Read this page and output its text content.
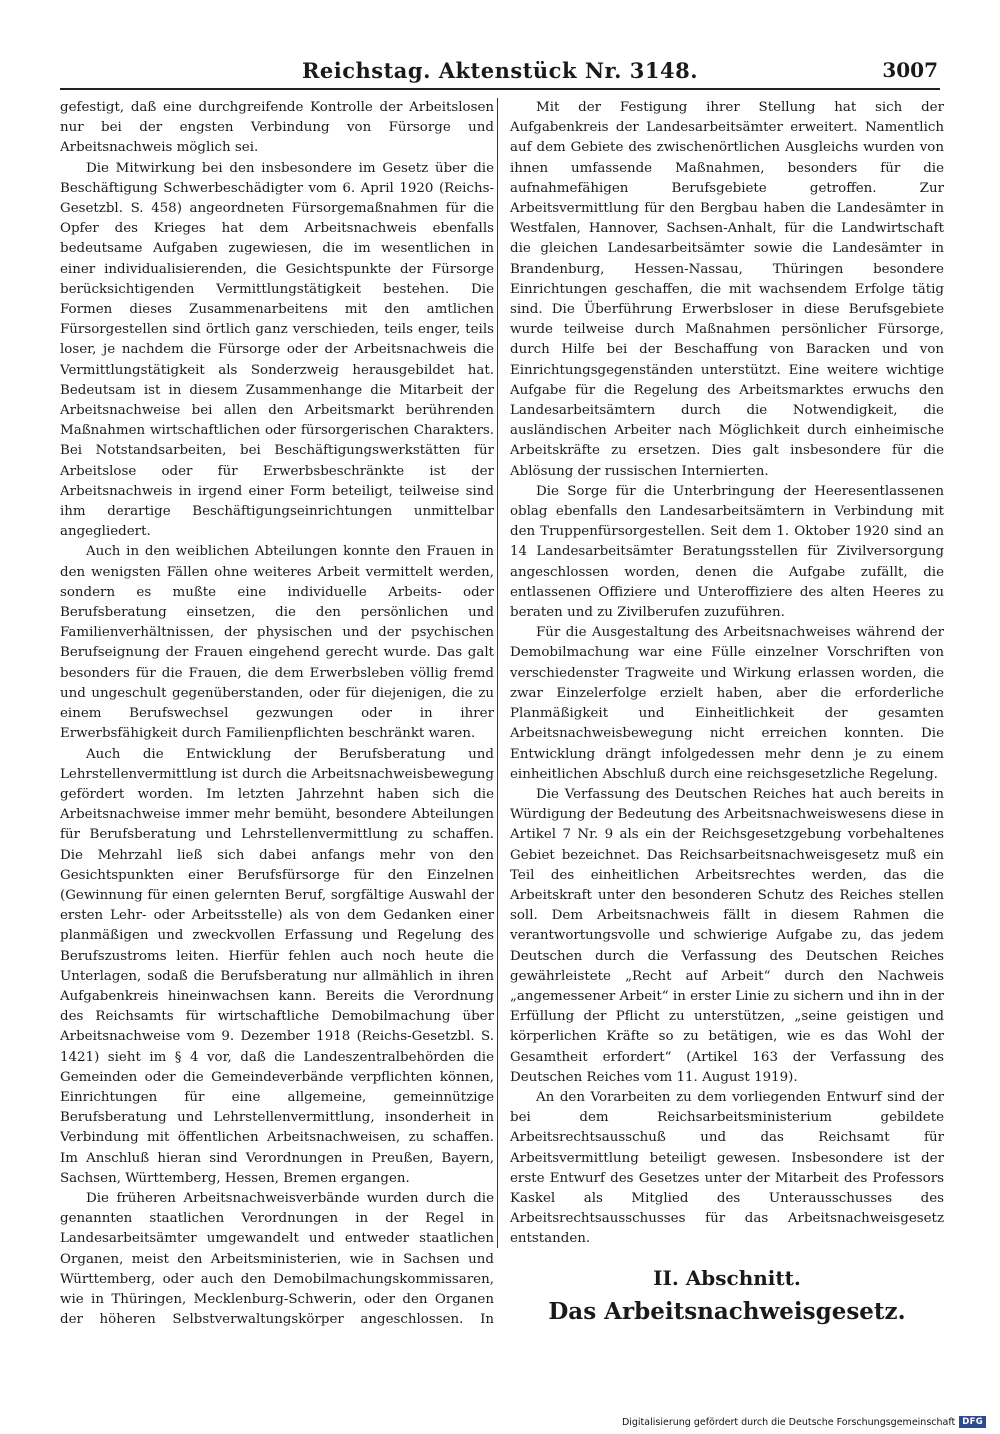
Reichstag. Aktenstück Nr. 3148.	3007

gefestigt, daß eine durchgreifende Kontrolle der Arbeitslosen nur bei der engsten Verbindung von Fürsorge und Arbeitsnachweis möglich sei.

Die Mitwirkung bei den insbesondere im Gesetz über die Beschäftigung Schwerbeschädigter vom 6. April 1920 (Reichs-Gesetzbl. S. 458) angeordneten Fürsorgemaßnahmen für die Opfer des Krieges hat dem Arbeitsnachweis ebenfalls bedeutsame Aufgaben zugewiesen, die im wesentlichen in einer individualisierenden, die Gesichtspunkte der Fürsorge berücksichtigenden Vermittlungstätigkeit bestehen. Die Formen dieses Zusammenarbeitens mit den amtlichen Fürsorgestellen sind örtlich ganz verschieden, teils enger, teils loser, je nachdem die Fürsorge oder der Arbeitsnachweis die Vermittlungstätigkeit als Sonderzweig herausgebildet hat. Bedeutsam ist in diesem Zusammenhange die Mitarbeit der Arbeitsnachweise bei allen den Arbeitsmarkt berührenden Maßnahmen wirtschaftlichen oder fürsorgerischen Charakters. Bei Notstandsarbeiten, bei Beschäftigungswerkstätten für Arbeitslose oder für Erwerbsbeschränkte ist der Arbeitsnachweis in irgend einer Form beteiligt, teilweise sind ihm derartige Beschäftigungseinrichtungen unmittelbar angegliedert.

Auch in den weiblichen Abteilungen konnte den Frauen in den wenigsten Fällen ohne weiteres Arbeit vermittelt werden, sondern es mußte eine individuelle Arbeits- oder Berufsberatung einsetzen, die den persönlichen und Familienverhältnissen, der physischen und der psychischen Berufseignung der Frauen eingehend gerecht wurde. Das galt besonders für die Frauen, die dem Erwerbsleben völlig fremd und ungeschult gegenüberstanden, oder für diejenigen, die zu einem Berufswechsel gezwungen oder in ihrer Erwerbsfähigkeit durch Familienpflichten beschränkt waren.

Auch die Entwicklung der Berufsberatung und Lehrstellenvermittlung ist durch die Arbeitsnachweisbewegung gefördert worden. Im letzten Jahrzehnt haben sich die Arbeitsnachweise immer mehr bemüht, besondere Abteilungen für Berufsberatung und Lehrstellenvermittlung zu schaffen. Die Mehrzahl ließ sich dabei anfangs mehr von den Gesichtspunkten einer Berufsfürsorge für den Einzelnen (Gewinnung für einen gelernten Beruf, sorgfältige Auswahl der ersten Lehr- oder Arbeitsstelle) als von dem Gedanken einer planmäßigen und zweckvollen Erfassung und Regelung des Berufszustroms leiten. Hierfür fehlen auch noch heute die Unterlagen, sodaß die Berufsberatung nur allmählich in ihren Aufgabenkreis hineinwachsen kann. Bereits die Verordnung des Reichsamts für wirtschaftliche Demobilmachung über Arbeitsnachweise vom 9. Dezember 1918 (Reichs-Gesetzbl. S. 1421) sieht im § 4 vor, daß die Landeszentralbehörden die Gemeinden oder die Gemeindeverbände verpflichten können, Einrichtungen für eine allgemeine, gemeinnützige Berufsberatung und Lehrstellenvermittlung, insonderheit in Verbindung mit öffentlichen Arbeitsnachweisen, zu schaffen. Im Anschluß hieran sind Verordnungen in Preußen, Bayern, Sachsen, Württemberg, Hessen, Bremen ergangen.

Die früheren Arbeitsnachweisverbände wurden durch die genannten staatlichen Verordnungen in der Regel in Landesarbeitsämter umgewandelt und entweder staatlichen Organen, meist den Arbeitsministerien, wie in Sachsen und Württemberg, oder auch den Demobilmachungskommissaren, wie in Thüringen, Mecklenburg-Schwerin, oder den Organen der höheren Selbstverwaltungskörper angeschlossen. In

Mit der Festigung ihrer Stellung hat sich der Aufgabenkreis der Landesarbeitsämter erweitert. Namentlich auf dem Gebiete des zwischenörtlichen Ausgleichs wurden von ihnen umfassende Maßnahmen, besonders für die aufnahmefähigen Berufsgebiete getroffen. Zur Arbeitsvermittlung für den Bergbau haben die Landesämter in Westfalen, Hannover, Sachsen-Anhalt, für die Landwirtschaft die gleichen Landesarbeitsämter sowie die Landesämter in Brandenburg, Hessen-Nassau, Thüringen besondere Einrichtungen geschaffen, die mit wachsendem Erfolge tätig sind. Die Überführung Erwerbsloser in diese Berufsgebiete wurde teilweise durch Maßnahmen persönlicher Fürsorge, durch Hilfe bei der Beschaffung von Baracken und von Einrichtungsgegenständen unterstützt. Eine weitere wichtige Aufgabe für die Regelung des Arbeitsmarktes erwuchs den Landesarbeitsämtern durch die Notwendigkeit, die ausländischen Arbeiter nach Möglichkeit durch einheimische Arbeitskräfte zu ersetzen. Dies galt insbesondere für die Ablösung der russischen Internierten.

Die Sorge für die Unterbringung der Heeresentlassenen oblag ebenfalls den Landesarbeitsämtern in Verbindung mit den Truppenfürsorgestellen. Seit dem 1. Oktober 1920 sind an 14 Landesarbeitsämter Beratungsstellen für Zivilversorgung angeschlossen worden, denen die Aufgabe zufällt, die entlassenen Offiziere und Unteroffiziere des alten Heeres zu beraten und zu Zivilberufen zuzuführen.

Für die Ausgestaltung des Arbeitsnachweises während der Demobilmachung war eine Fülle einzelner Vorschriften von verschiedenster Tragweite und Wirkung erlassen worden, die zwar Einzelerfolge erzielt haben, aber die erforderliche Planmäßigkeit und Einheitlichkeit der gesamten Arbeitsnachweisbewegung nicht erreichen konnten. Die Entwicklung drängt infolgedessen mehr denn je zu einem einheitlichen Abschluß durch eine reichsgesetzliche Regelung.

Die Verfassung des Deutschen Reiches hat auch bereits in Würdigung der Bedeutung des Arbeitsnachweiswesens diese in Artikel 7 Nr. 9 als ein der Reichsgesetzgebung vorbehaltenes Gebiet bezeichnet. Das Reichsarbeitsnachweisgesetz muß ein Teil des einheitlichen Arbeitsrechtes werden, das die Arbeitskraft unter den besonderen Schutz des Reiches stellen soll. Dem Arbeitsnachweis fällt in diesem Rahmen die verantwortungsvolle und schwierige Aufgabe zu, das jedem Deutschen durch die Verfassung des Deutschen Reiches gewährleistete „Recht auf Arbeit“ durch den Nachweis „angemessener Arbeit“ in erster Linie zu sichern und ihn in der Erfüllung der Pflicht zu unterstützen, „seine geistigen und körperlichen Kräfte so zu betätigen, wie es das Wohl der Gesamtheit erfordert“ (Artikel 163 der Verfassung des Deutschen Reiches vom 11. August 1919).

An den Vorarbeiten zu dem vorliegenden Entwurf sind der bei dem Reichsarbeitsministerium gebildete Arbeitsrechtsausschuß und das Reichsamt für Arbeitsvermittlung beteiligt gewesen. Insbesondere ist der erste Entwurf des Gesetzes unter der Mitarbeit des Professors Kaskel als Mitglied des Unterausschusses des Arbeitsrechtsausschusses für das Arbeitsnachweisgesetz entstanden.

II. Abschnitt.
Das Arbeitsnachweisgesetz.

Digitalisierung gefördert durch die Deutsche Forschungsgemeinschaft DFG
